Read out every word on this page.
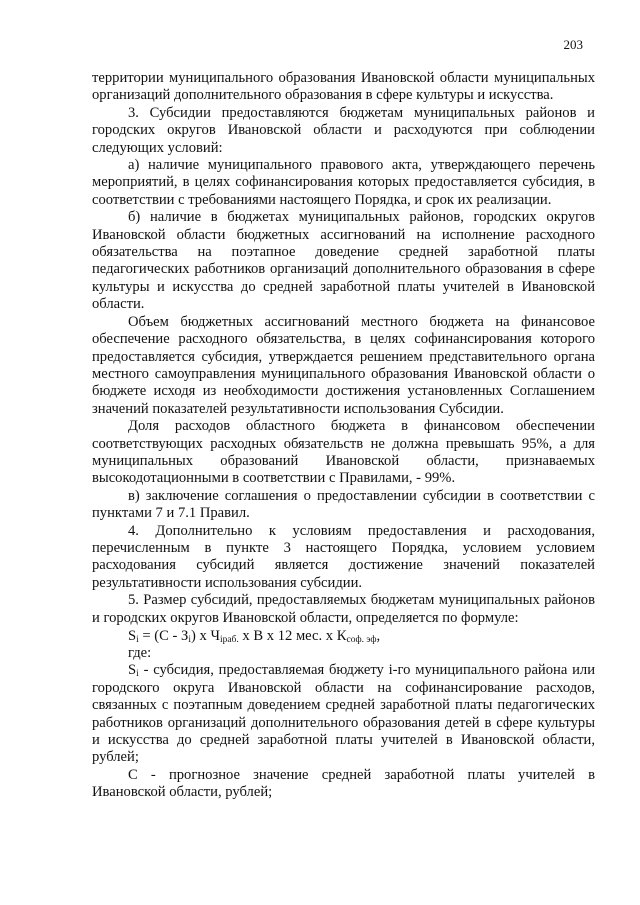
203

территории муниципального образования Ивановской области муниципальных организаций дополнительного образования в сфере культуры и искусства.

3. Субсидии предоставляются бюджетам муниципальных районов и городских округов Ивановской области и расходуются при соблюдении следующих условий:

а) наличие муниципального правового акта, утверждающего перечень мероприятий, в целях софинансирования которых предоставляется субсидия, в соответствии с требованиями настоящего Порядка, и срок их реализации.

б) наличие в бюджетах муниципальных районов, городских округов Ивановской области бюджетных ассигнований на исполнение расходного обязательства на поэтапное доведение средней заработной платы педагогических работников организаций дополнительного образования в сфере культуры и искусства до средней заработной платы учителей в Ивановской области.

Объем бюджетных ассигнований местного бюджета на финансовое обеспечение расходного обязательства, в целях софинансирования которого предоставляется субсидия, утверждается решением представительного органа местного самоуправления муниципального образования Ивановской области о бюджете исходя из необходимости достижения установленных Соглашением значений показателей результативности использования Субсидии.

Доля расходов областного бюджета в финансовом обеспечении соответствующих расходных обязательств не должна превышать 95%, а для муниципальных образований Ивановской области, признаваемых высокодотационными в соответствии с Правилами, - 99%.

в) заключение соглашения о предоставлении субсидии в соответствии с пунктами 7 и 7.1 Правил.

4. Дополнительно к условиям предоставления и расходования, перечисленным в пункте 3 настоящего Порядка, условием условием расходования субсидий является достижение значений показателей результативности использования субсидии.

5. Размер субсидий, предоставляемых бюджетам муниципальных районов и городских округов Ивановской области, определяется по формуле:

$S_i = (С - З_i)$ х $Ч_{iраб.}$ х В х 12 мес. х $К_{соф. эф}$,

где:

$S_i$ - субсидия, предоставляемая бюджету i-го муниципального района или городского округа Ивановской области на софинансирование расходов, связанных с поэтапным доведением средней заработной платы педагогических работников организаций дополнительного образования детей в сфере культуры и искусства до средней заработной платы учителей в Ивановской области, рублей;

С - прогнозное значение средней заработной платы учителей в Ивановской области, рублей;
